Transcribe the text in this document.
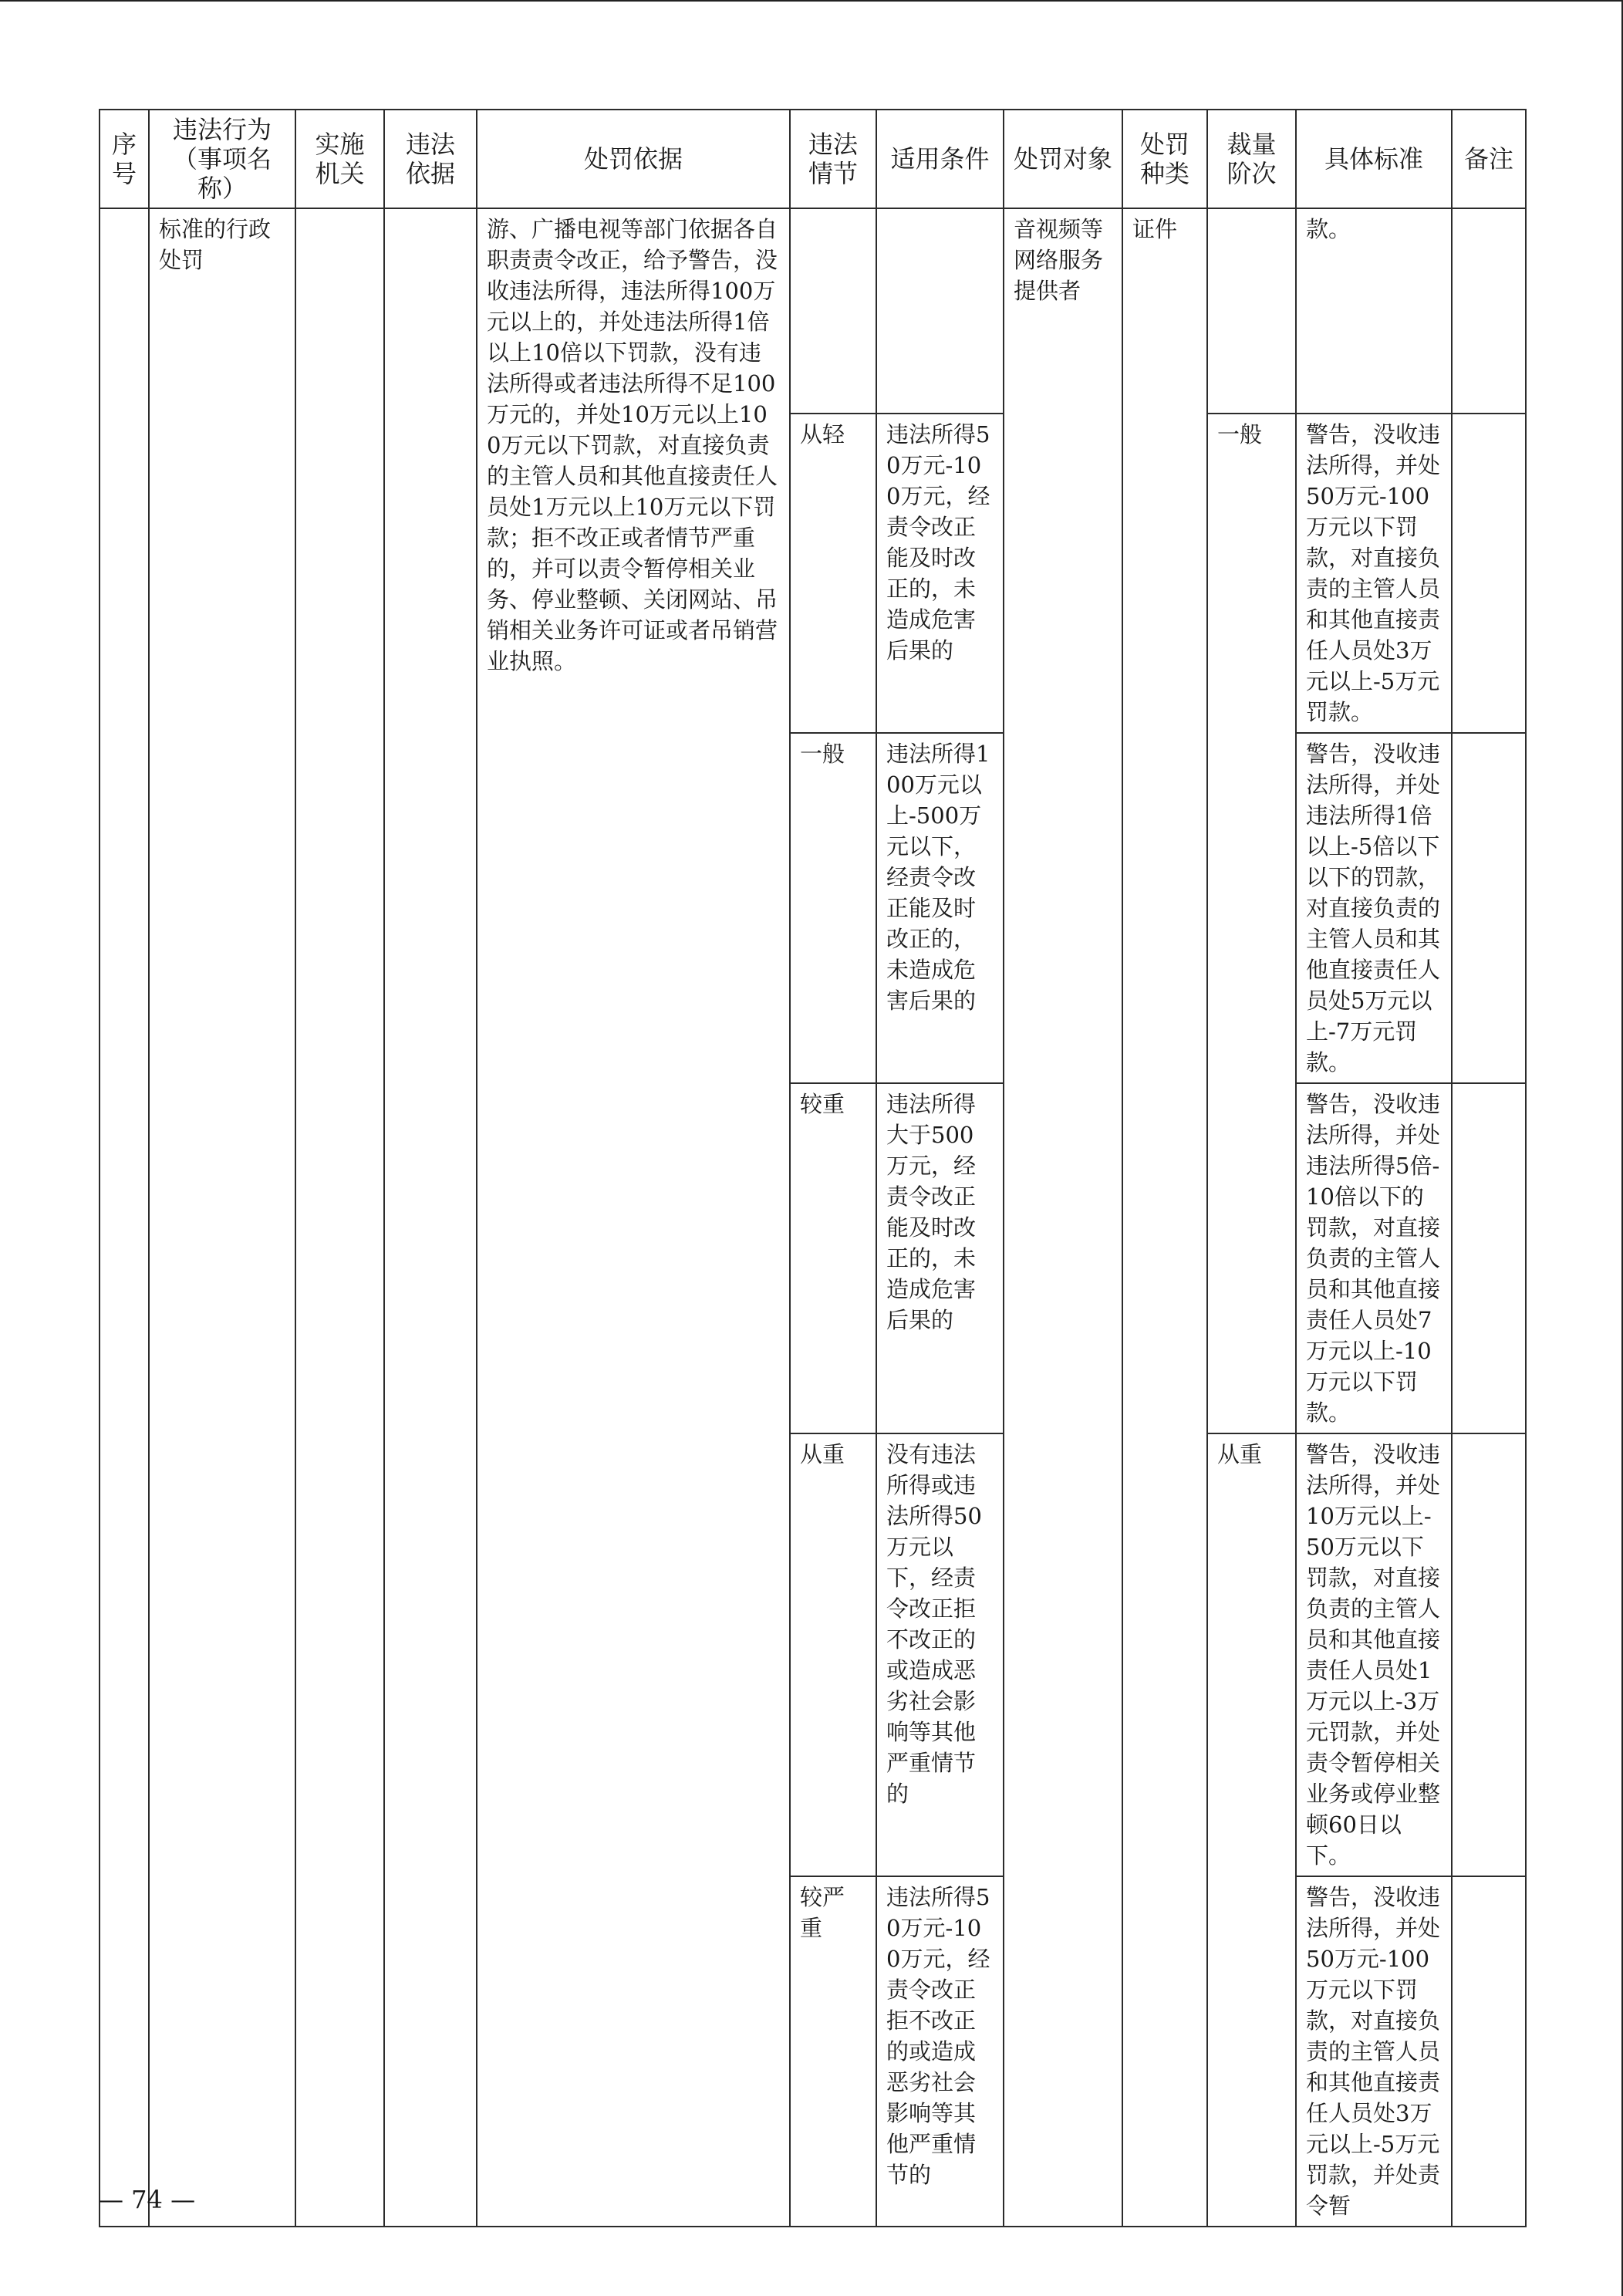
序号	违法行为（事项名称）	实施机关	违法依据	处罚依据	违法情节	适用条件	处罚对象	处罚种类	裁量阶次	具体标准	备注
	标准的行政处罚			游、广播电视等部门依据各自职责责令改正，给予警告，没收违法所得，违法所得100万元以上的，并处违法所得1倍以上10倍以下罚款，没有违法所得或者违法所得不足100万元的，并处10万元以上100万元以下罚款，对直接负责的主管人员和其他直接责任人员处1万元以上10万元以下罚款；拒不改正或者情节严重的，并可以责令暂停相关业务、停业整顿、关闭网站、吊销相关业务许可证或者吊销营业执照。			音视频等网络服务提供者	证件		款。	
					从轻	违法所得50万元-100万元，经责令改正能及时改正的，未造成危害后果的			一般	警告，没收违法所得，并处50万元-100万元以下罚款，对直接负责的主管人员和其他直接责任人员处3万元以上-5万元罚款。	
					一般	违法所得100万元以上-500万元以下，经责令改正能及时改正的，未造成危害后果的				警告，没收违法所得，并处违法所得1倍以上-5倍以下以下的罚款，对直接负责的主管人员和其他直接责任人员处5万元以上-7万元罚款。	
					较重	违法所得大于500万元，经责令改正能及时改正的，未造成危害后果的				警告，没收违法所得，并处违法所得5倍-10倍以下的罚款，对直接负责的主管人员和其他直接责任人员处7万元以上-10万元以下罚款。	
					从重	没有违法所得或违法所得50万元以下，经责令改正拒不改正的或造成恶劣社会影响等其他严重情节的			从重	警告，没收违法所得，并处10万元以上-50万元以下罚款，对直接负责的主管人员和其他直接责任人员处1万元以上-3万元罚款，并处责令暂停相关业务或停业整顿60日以下。	
					较严重	违法所得50万元-100万元，经责令改正拒不改正的或造成恶劣社会影响等其他严重情节的				警告，没收违法所得，并处50万元-100万元以下罚款，对直接负责的主管人员和其他直接责任人员处3万元以上-5万元罚款，并处责令暂	
— 74 —
